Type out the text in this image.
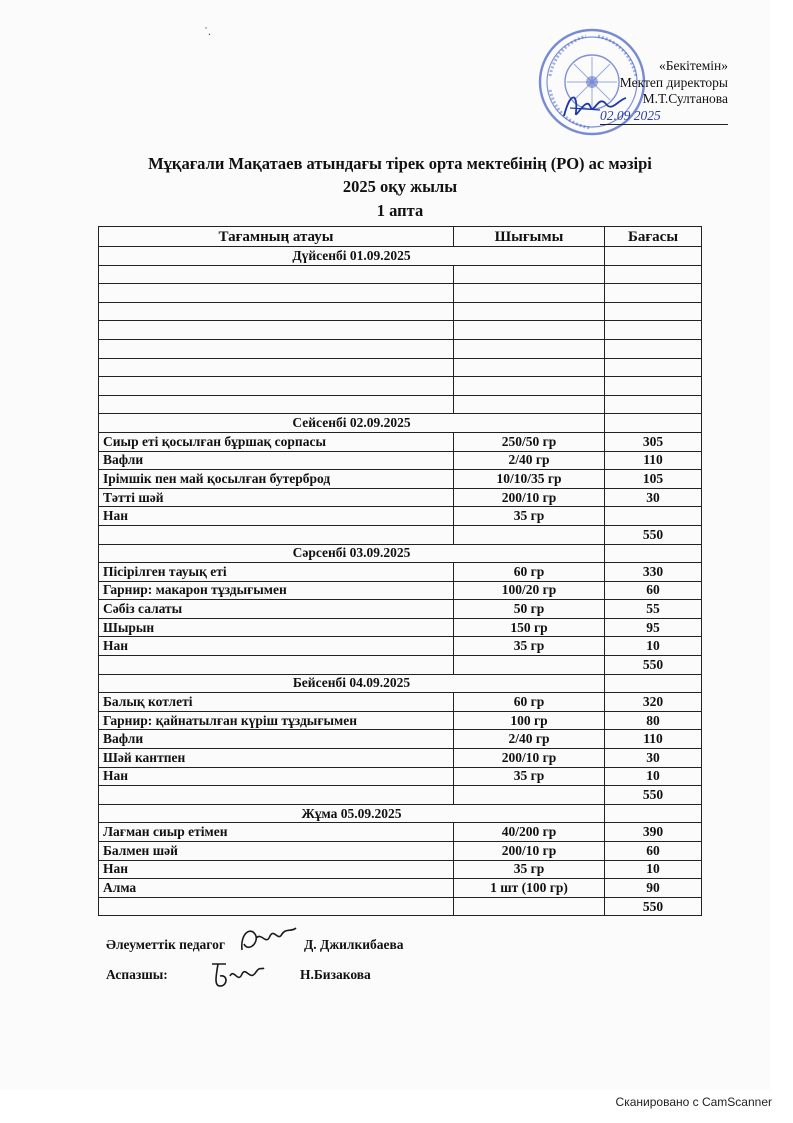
˙.
«Бекітемін»
Мектеп директоры
М.Т.Султанова
02.09 2025
Мұқағали Мақатаев атындағы тірек орта мектебінің (РО) ас мәзірі
2025 оқу жылы
1 апта
Тағамның атауы	Шығымы	Бағасы
Дүйсенбі 01.09.2025		

Сейсенбі 02.09.2025		
Сиыр еті қосылған бұршақ сорпасы	250/50 гр	305
Вафли	2/40 гр	110
Ірімшік пен май қосылған бутерброд	10/10/35 гр	105
Тәтті шәй	200/10 гр	30
Нан	35 гр	
		550
Сәрсенбі 03.09.2025		
Пісірілген тауық еті	60 гр	330
Гарнир: макарон тұздығымен	100/20 гр	60
Сәбіз салаты	50 гр	55
Шырын	150 гр	95
Нан	35 гр	10
		550
Бейсенбі 04.09.2025		
Балық котлеті	60 гр	320
Гарнир: қайнатылған күріш тұздығымен	100 гр	80
Вафли	2/40 гр	110
Шәй кантпен	200/10 гр	30
Нан	35 гр	10
		550
Жұма 05.09.2025		
Лағман сиыр етімен	40/200 гр	390
Балмен шәй	200/10 гр	60
Нан	35 гр	10
Алма	1 шт (100 гр)	90
		550
Әлеуметтік педагог	Д. Джилкибаева
Аспазшы:	Н.Бизакова
Сканировано с CamScanner
